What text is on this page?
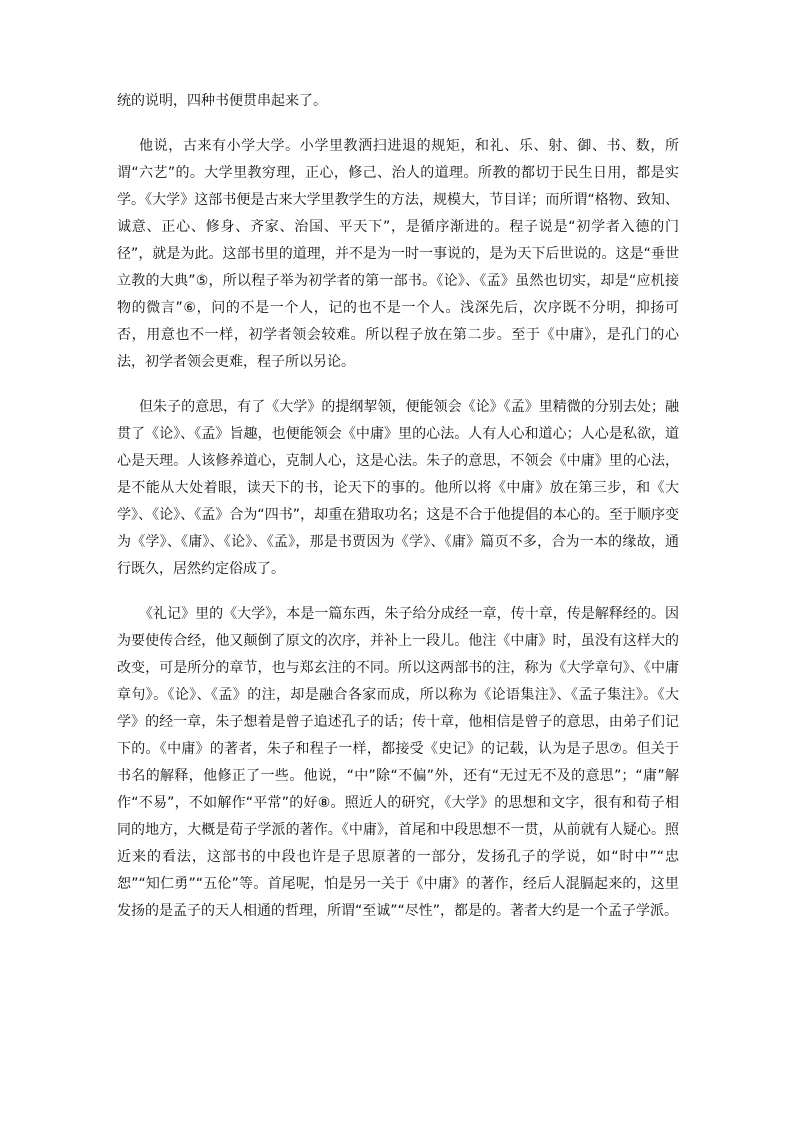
统的说明，四种书便贯串起来了。

他说，古来有小学大学。小学里教洒扫进退的规矩，和礼、乐、射、御、书、数，所谓“六艺”的。大学里教穷理，正心，修己、治人的道理。所教的都切于民生日用，都是实学。《大学》这部书便是古来大学里教学生的方法，规模大，节目详；而所谓“格物、致知、诚意、正心、修身、齐家、治国、平天下”，是循序渐进的。程子说是“初学者入德的门径”，就是为此。这部书里的道理，并不是为一时一事说的，是为天下后世说的。这是“垂世立教的大典”⑤，所以程子举为初学者的第一部书。《论》、《孟》虽然也切实，却是“应机接物的微言”⑥，问的不是一个人，记的也不是一个人。浅深先后，次序既不分明，抑扬可否，用意也不一样，初学者领会较难。所以程子放在第二步。至于《中庸》，是孔门的心法，初学者领会更难，程子所以另论。

但朱子的意思，有了《大学》的提纲挈领，便能领会《论》《孟》里精微的分别去处；融贯了《论》、《孟》旨趣，也便能领会《中庸》里的心法。人有人心和道心；人心是私欲，道心是天理。人该修养道心，克制人心，这是心法。朱子的意思，不领会《中庸》里的心法，是不能从大处着眼，读天下的书，论天下的事的。他所以将《中庸》放在第三步，和《大学》、《论》、《孟》合为“四书”，却重在猎取功名；这是不合于他提倡的本心的。至于顺序变为《学》、《庸》、《论》、《孟》，那是书贾因为《学》、《庸》篇页不多，合为一本的缘故，通行既久，居然约定俗成了。

《礼记》里的《大学》，本是一篇东西，朱子给分成经一章，传十章，传是解释经的。因为要使传合经，他又颠倒了原文的次序，并补上一段儿。他注《中庸》时，虽没有这样大的改变，可是所分的章节，也与郑玄注的不同。所以这两部书的注，称为《大学章句》、《中庸章句》。《论》、《孟》的注，却是融合各家而成，所以称为《论语集注》、《孟子集注》。《大学》的经一章，朱子想着是曾子追述孔子的话；传十章，他相信是曾子的意思，由弟子们记下的。《中庸》的著者，朱子和程子一样，都接受《史记》的记载，认为是子思⑦。但关于书名的解释，他修正了一些。他说，“中”除“不偏”外，还有“无过无不及的意思”；“庸”解作“不易”，不如解作“平常”的好⑧。照近人的研究，《大学》的思想和文字，很有和荀子相同的地方，大概是荀子学派的著作。《中庸》，首尾和中段思想不一贯，从前就有人疑心。照近来的看法，这部书的中段也许是子思原著的一部分，发扬孔子的学说，如“时中”“忠恕”“知仁勇”“五伦”等。首尾呢，怕是另一关于《中庸》的著作，经后人混膈起来的，这里发扬的是孟子的天人相通的哲理，所谓“至诚”“尽性”，都是的。著者大约是一个孟子学派。
